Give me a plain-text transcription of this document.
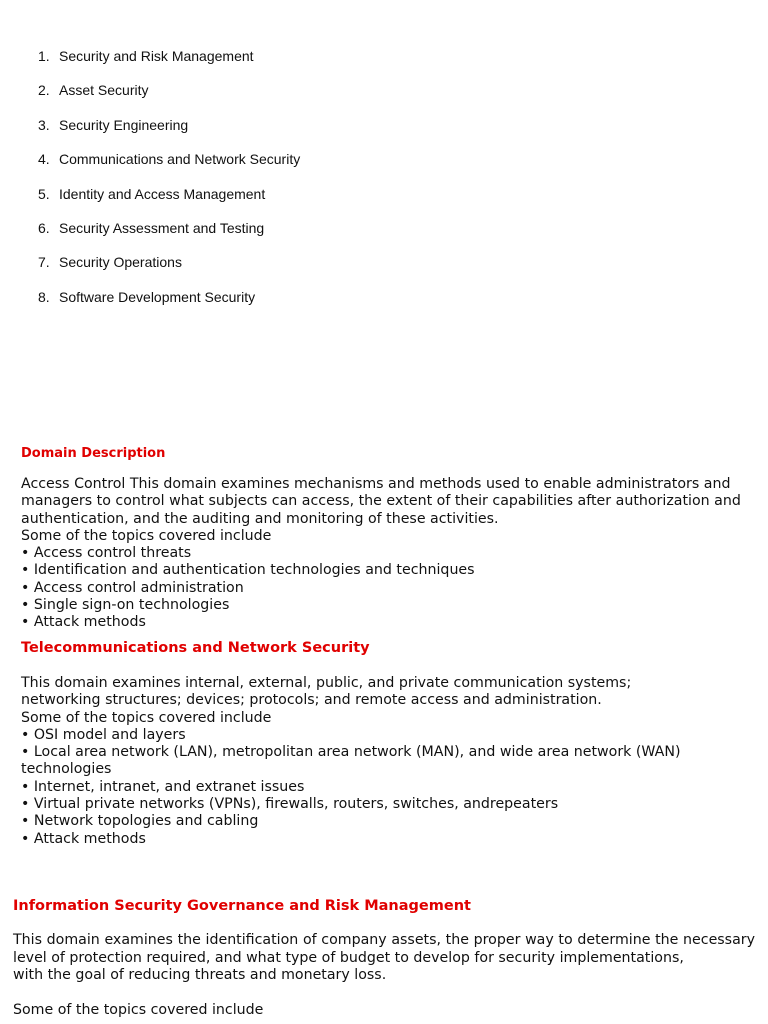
1. Security and Risk Management
2. Asset Security
3. Security Engineering
4. Communications and Network Security
5. Identity and Access Management
6. Security Assessment and Testing
7. Security Operations
8. Software Development Security
Domain Description
Access Control This domain examines mechanisms and methods used to enable administrators and managers to control what subjects can access, the extent of their capabilities after authorization and authentication, and the auditing and monitoring of these activities.
Some of the topics covered include
• Access control threats
• Identification and authentication technologies and techniques
• Access control administration
• Single sign-on technologies
• Attack methods
Telecommunications and Network Security
This domain examines internal, external, public, and private communication systems;
networking structures; devices; protocols; and remote access and administration.
Some of the topics covered include
• OSI model and layers
• Local area network (LAN), metropolitan area network (MAN), and wide area network (WAN) technologies
• Internet, intranet, and extranet issues
• Virtual private networks (VPNs), firewalls, routers, switches, andrepeaters
• Network topologies and cabling
• Attack methods
Information Security Governance and Risk Management
This domain examines the identification of company assets, the proper way to determine the necessary level of protection required, and what type of budget to develop for security implementations,
with the goal of reducing threats and monetary loss.
Some of the topics covered include
